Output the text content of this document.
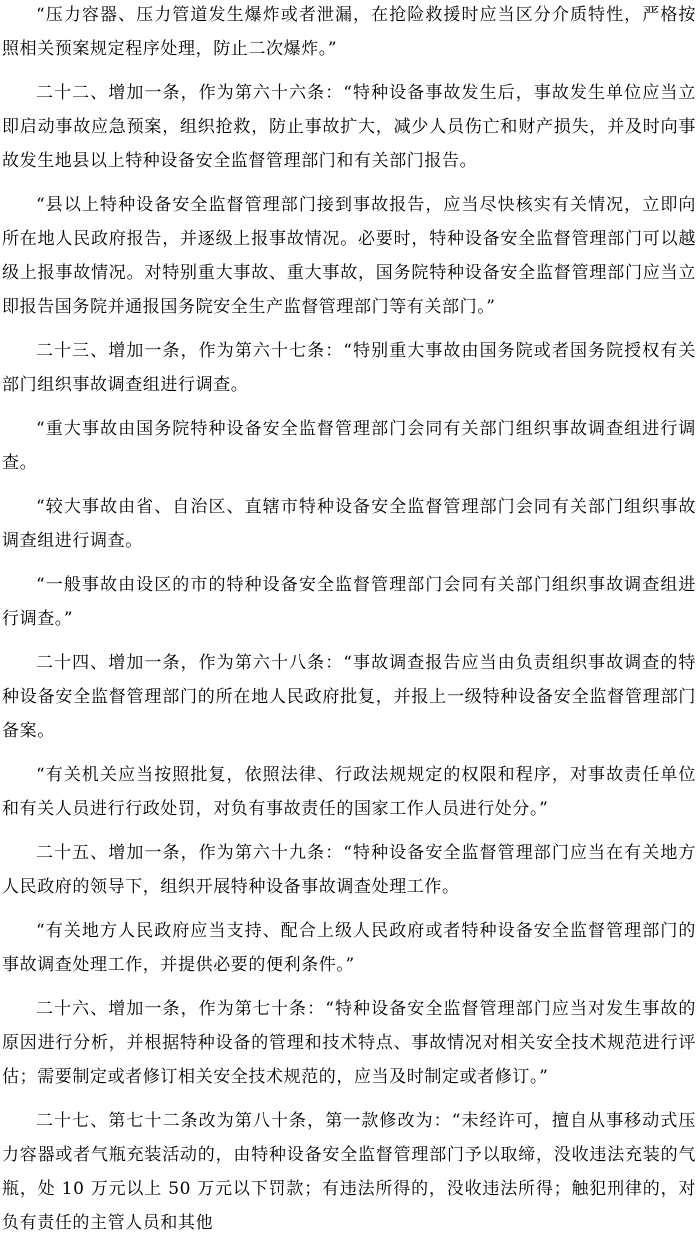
“压力容器、压力管道发生爆炸或者泄漏，在抢险救援时应当区分介质特性，严格按照相关预案规定程序处理，防止二次爆炸。”

二十二、增加一条，作为第六十六条：“特种设备事故发生后，事故发生单位应当立即启动事故应急预案，组织抢救，防止事故扩大，减少人员伤亡和财产损失，并及时向事故发生地县以上特种设备安全监督管理部门和有关部门报告。

“县以上特种设备安全监督管理部门接到事故报告，应当尽快核实有关情况，立即向所在地人民政府报告，并逐级上报事故情况。必要时，特种设备安全监督管理部门可以越级上报事故情况。对特别重大事故、重大事故，国务院特种设备安全监督管理部门应当立即报告国务院并通报国务院安全生产监督管理部门等有关部门。”

二十三、增加一条，作为第六十七条：“特别重大事故由国务院或者国务院授权有关部门组织事故调查组进行调查。

“重大事故由国务院特种设备安全监督管理部门会同有关部门组织事故调查组进行调查。

“较大事故由省、自治区、直辖市特种设备安全监督管理部门会同有关部门组织事故调查组进行调查。

“一般事故由设区的市的特种设备安全监督管理部门会同有关部门组织事故调查组进行调查。”

二十四、增加一条，作为第六十八条：“事故调查报告应当由负责组织事故调查的特种设备安全监督管理部门的所在地人民政府批复，并报上一级特种设备安全监督管理部门备案。

“有关机关应当按照批复，依照法律、行政法规规定的权限和程序，对事故责任单位和有关人员进行行政处罚，对负有事故责任的国家工作人员进行处分。”

二十五、增加一条，作为第六十九条：“特种设备安全监督管理部门应当在有关地方人民政府的领导下，组织开展特种设备事故调查处理工作。

“有关地方人民政府应当支持、配合上级人民政府或者特种设备安全监督管理部门的事故调查处理工作，并提供必要的便利条件。”

二十六、增加一条，作为第七十条：“特种设备安全监督管理部门应当对发生事故的原因进行分析，并根据特种设备的管理和技术特点、事故情况对相关安全技术规范进行评估；需要制定或者修订相关安全技术规范的，应当及时制定或者修订。”

二十七、第七十二条改为第八十条，第一款修改为：“未经许可，擅自从事移动式压力容器或者气瓶充装活动的，由特种设备安全监督管理部门予以取缔，没收违法充装的气瓶，处 10 万元以上 50 万元以下罚款；有违法所得的，没收违法所得；触犯刑律的，对负有责任的主管人员和其他
